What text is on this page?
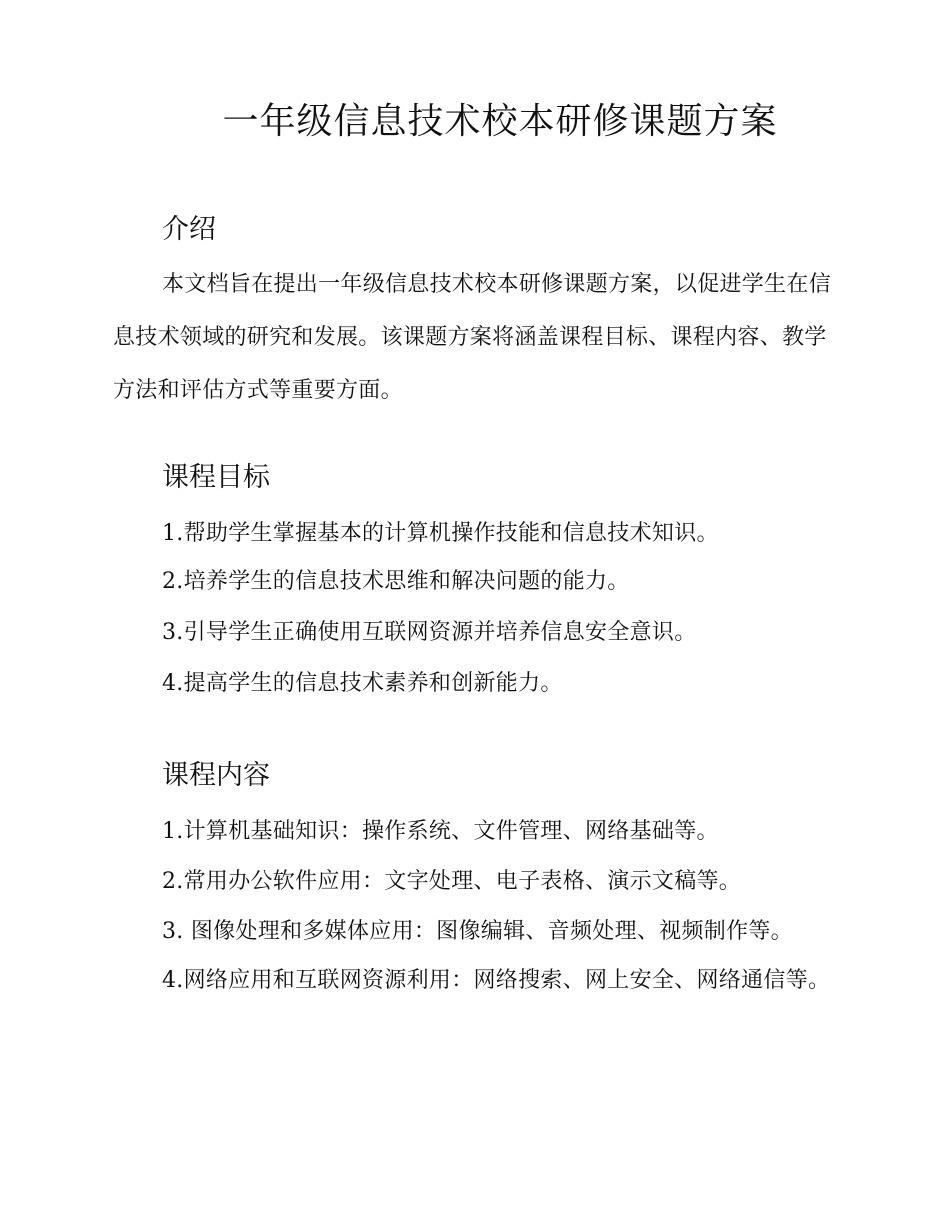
一年级信息技术校本研修课题方案
介绍

本文档旨在提出一年级信息技术校本研修课题方案，以促进学生在信息技术领域的研究和发展。该课题方案将涵盖课程目标、课程内容、教学方法和评估方式等重要方面。

课程目标

1.帮助学生掌握基本的计算机操作技能和信息技术知识。

2.培养学生的信息技术思维和解决问题的能力。

3.引导学生正确使用互联网资源并培养信息安全意识。

4.提高学生的信息技术素养和创新能力。

课程内容

1.计算机基础知识：操作系统、文件管理、网络基础等。

2.常用办公软件应用：文字处理、电子表格、演示文稿等。

3. 图像处理和多媒体应用：图像编辑、音频处理、视频制作等。

4.网络应用和互联网资源利用：网络搜索、网上安全、网络通信等。
